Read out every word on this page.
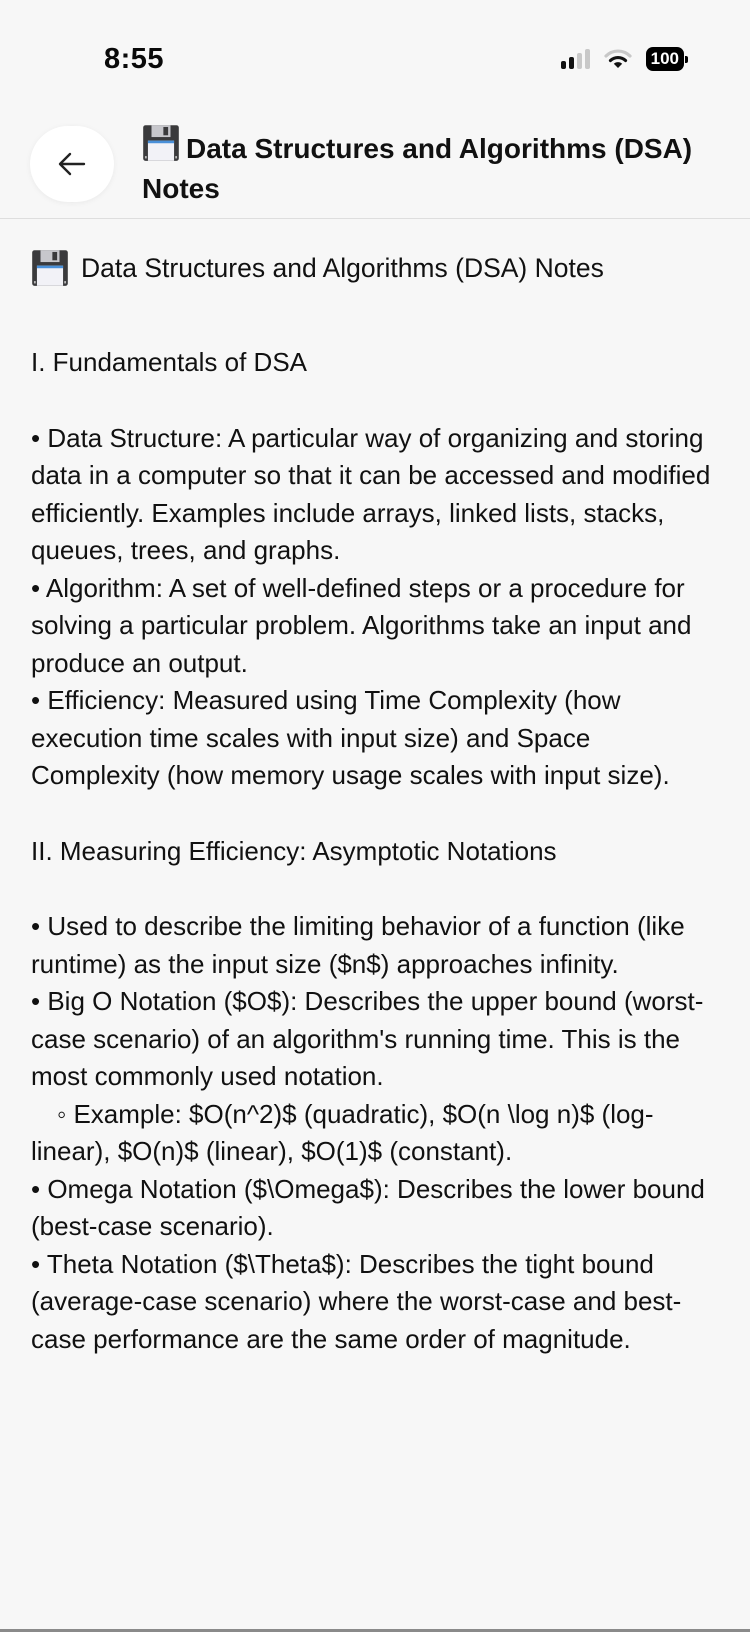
8:55	100
Data Structures and Algorithms (DSA) Notes
Data Structures and Algorithms (DSA) Notes
I. Fundamentals of DSA

• Data Structure: A particular way of organizing and storing data in a computer so that it can be accessed and modified efficiently. Examples include arrays, linked lists, stacks, queues, trees, and graphs.

• Algorithm: A set of well-defined steps or a procedure for solving a particular problem. Algorithms take an input and produce an output.

• Efficiency: Measured using Time Complexity (how execution time scales with input size) and Space Complexity (how memory usage scales with input size).

II. Measuring Efficiency: Asymptotic Notations

• Used to describe the limiting behavior of a function (like runtime) as the input size ($n$) approaches infinity.

• Big O Notation ($O$): Describes the upper bound (worst-case scenario) of an algorithm's running time. This is the most commonly used notation.

◦ Example: $O(n^2)$ (quadratic), $O(n \log n)$ (log-linear), $O(n)$ (linear), $O(1)$ (constant).

• Omega Notation ($\Omega$): Describes the lower bound (best-case scenario).

• Theta Notation ($\Theta$): Describes the tight bound (average-case scenario) where the worst-case and best-case performance are the same order of magnitude.
